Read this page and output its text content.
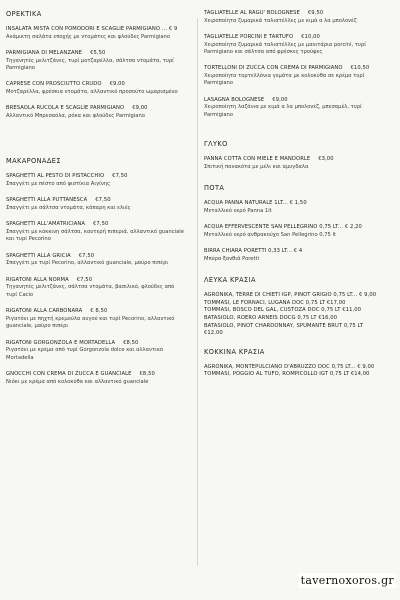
ΟΡΕΚΤΙΚΑ
INSALATA MISTA CON POMODORI E SCAGLIE PARMIGIANO ... € 9
Ανάμικτη σαλάτα εποχής με ντομάτες και φλούδες Parmigiano
PARMIGIANA DI MELANZANE €5,50
Τηγανητές μελιτζάνες, τυρί μοτζαρέλλα, σάλτσα ντομάτα, τυρί Parmigiano
CAPRESE CON PROSCIUTTO CRUDO €9,00
Μοτζαρέλλα, φρέσκια ντομάτα, αλλαντικό προσούτο ωμαρισμένο
BRESAOLA RUCOLA E SCAGLIE PARMIGIANO €9,00
Αλλαντικό Μπρεσαόλα, ρόκα και φλούδες Parmigiano
ΜΑΚΑΡΟΝΑΔΕΣ
SPAGHETTI AL PESTO DI PISTACCHIO €7,50
Σπαγγέτι με πέστο από φιστίκια Αιγίνης
SPAGHETTI ALLA PUTTANESCA €7,50
Σπαγγέτι με σάλτσα ντομάτα, κάπαρη και ελιές
SPAGHETTI ALL'AMATRICIANA €7,50
Σπαγγέτι με κόκκινη σάλτσα, καυτερή πιπεριά, αλλαντικό guanciale και τυρί Pecorino
SPAGHETTI ALLA GRICIA €7,50
Σπαγγέτι με τυρί Pecorino, αλλαντικό guanciale, μαύρο πιπέρι
RIGATONI ALLA NORMA €7,50
Τηγανητές μελιτζάνες, σάλτσα ντομάτα, βασιλικό, φλούδες από τυρί Cacio
RIGATONI ALLA CARBONARA € 8,50
Ριγατόνι με πηχτή κρεμούλα αυγού και τυρί Pecorino, αλλαντικό guanciale, μαύρο πιπέρι
RIGATONI GORGONZOLA E MORTADELLA €8,50
Ριγατόνι με κρέμα από τυρί Gorgonzola dolce και αλλαντικό Mortadella
GNOCCHI CON CREMA DI ZUCCA E GUANCIALE €8,50
Νιόκι με κρέμα από κολοκύθα και αλλαντικό guanciale
TAGLIATELLE AL RAGU' BOLOGNESE €9,50
Χειροποίητα ζυμαρικά ταλιατέλλες με κιμά α λα μπολονέζ
TAGLIATELLE PORCINI E TARTUFO €10,00
Χειροποίητα ζυμαρικά ταλιατέλλες με μανιτάρια porcini, τυρί Parmigiano και σάλτσα από φρέσκες τρούφες
TORTELLONI DI ZUCCA CON CREMA DI PARMIGIANO €10,50
Χειροποίητα τορτελλόνια γεμάτα με κολοκύθα σε κρέμα τυρί Parmigiano
LASAGNA BOLOGNESE €9,00
Χειροποίητη λαζάνια με κιμά α λα μπολονέζ, μπεσαμέλ, τυρί Parmigiano
ΓΛΥΚΟ
PANNA COTTA CON MIELE E MANDORLE €3,00
Σπιτική πανακότα με μέλι και αμυγδαλα
ΠΟΤΑ
ACQUA PANNA NATURALE 1LT... € 1,50
Μεταλλικό νερό Panna 1lt
ACQUA EFFERVESCENTE SAN PELLEGRINO 0,75 LT... € 2,20
Μεταλλικό νερό ανθρακούχο San Pellegrino 0,75 lt
BIRRA CHIARA PORETTI 0,33 LT... € 4
Μπύρα ξανθιά Poretti
ΛΕΥΚΑ ΚΡΑΣΙΑ
AGRONIKA, TERRE DI CHIETI IGP, PINOT GRIGIO 0,75 LT... € 9,00
TOMMASI, LE FORNACI, LUGANA DOC 0,75 LT €17,00
TOMMASI, BOSCO DEL GAL, CUSTOZA DOC 0,75 LT €11,00
BATASIOLO, ROERO ARNEIS DOCG 0,75 LT €16,00
BATASIOLO, PINOT CHARDONNAY, SPUMANTE BRUT 0,75 LT €12,00
ΚΟΚΚΙΝΑ ΚΡΑΣΙΑ
AGRONIKA, MONTEPULCIANO D'ABRUZZO DOC 0,75 LT... € 9,00
TOMMASI, POGGIO AL TUFO, ROMPICOLLO IGT 0,75 LT €14,00
tavernoxoros.gr
